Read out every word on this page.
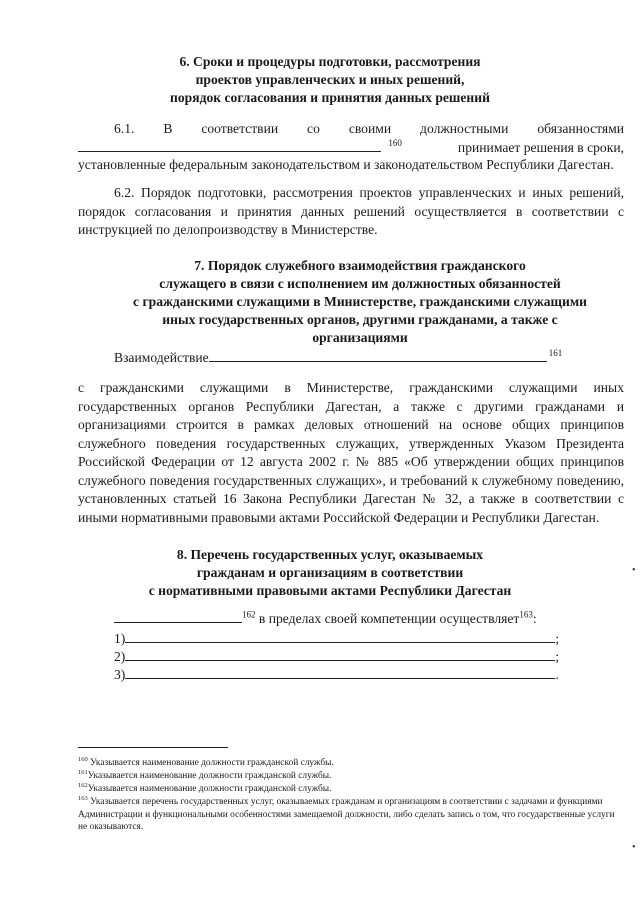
6. Сроки и процедуры подготовки, рассмотрения
проектов управленческих и иных решений,
порядок согласования и принятия данных решений
6.1. В соответствии со своими должностными обязанностями
$^{160}$	принимает решения в сроки,
установленные федеральным законодательством и законодательством Республики Дагестан.
6.2. Порядок подготовки, рассмотрения проектов управленческих и иных решений, порядок согласования и принятия данных решений осуществляется в соответствии с инструкцией по делопроизводству в Министерстве.
7. Порядок служебного взаимодействия гражданского
служащего в связи с исполнением им должностных обязанностей
с гражданскими служащими в Министерстве, гражданскими служащими
иных государственных органов, другими гражданами, а также с
организациями
Взаимодействие	$^{161}$
с гражданскими служащими в Министерстве, гражданскими служащими иных государственных органов Республики Дагестан, а также с другими гражданами и организациями строится в рамках деловых отношений на основе общих принципов служебного поведения государственных служащих, утвержденных Указом Президента Российской Федерации от 12 августа 2002 г. № 885 «Об утверждении общих принципов служебного поведения государственных служащих», и требований к служебному поведению, установленных статьей 16 Закона Республики Дагестан № 32, а также в соответствии с иными нормативными правовыми актами Российской Федерации и Республики Дагестан.
8. Перечень государственных услуг, оказываемых
гражданам и организациям в соответствии
с нормативными правовыми актами Республики Дагестан
$^{162}$ в пределах своей компетенции осуществляет$^{163}$:
1)	;
2)	;
3)	.
$^{160}$ Указывается наименование должности гражданской службы.
$^{161}$Указывается наименование должности гражданской службы.
$^{162}$Указывается наименование должности гражданской службы.
$^{163}$ Указывается перечень государственных услуг, оказываемых гражданам и организациям в соответствии с задачами и функциями Администрации и функциональными особенностями замещаемой должности, либо сделать запись о том, что государственные услуги не оказываются.
•
•
